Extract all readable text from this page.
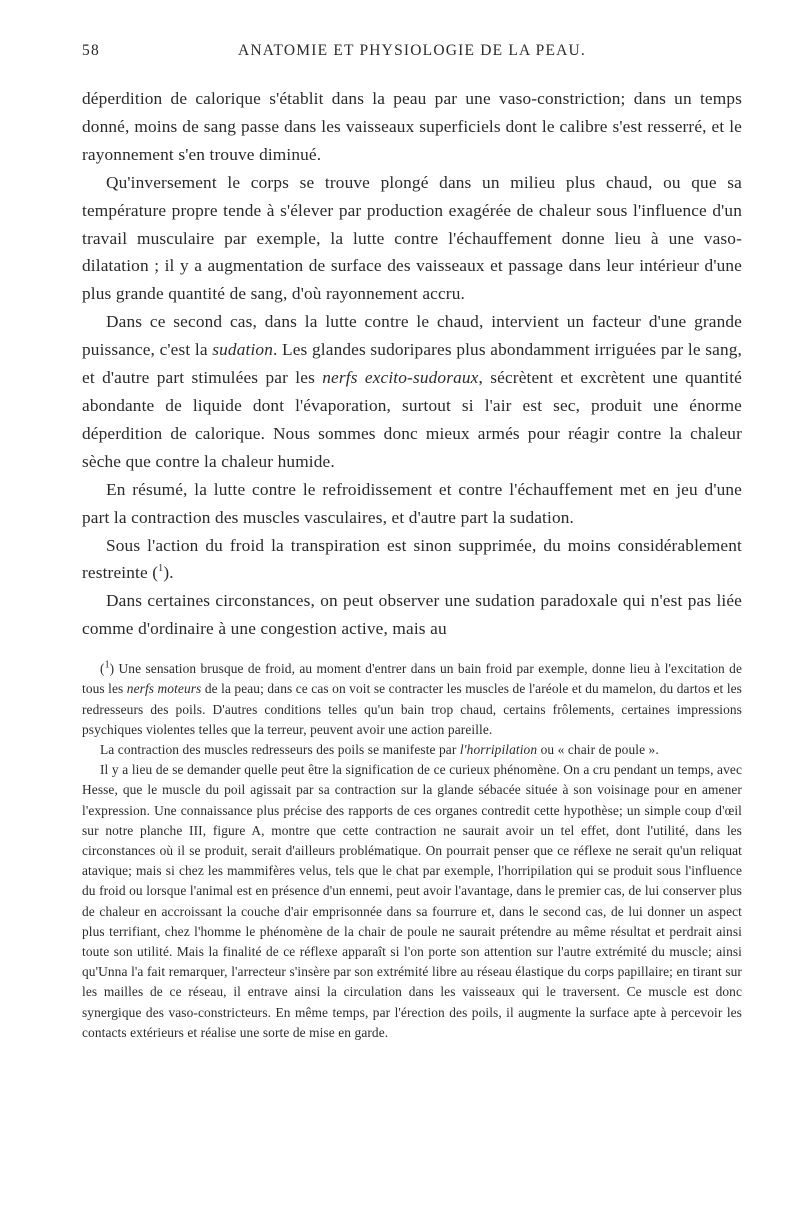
58	ANATOMIE ET PHYSIOLOGIE DE LA PEAU.

déperdition de calorique s'établit dans la peau par une vaso-constriction; dans un temps donné, moins de sang passe dans les vaisseaux superficiels dont le calibre s'est resserré, et le rayonnement s'en trouve diminué.

Qu'inversement le corps se trouve plongé dans un milieu plus chaud, ou que sa température propre tende à s'élever par production exagérée de chaleur sous l'influence d'un travail musculaire par exemple, la lutte contre l'échauffement donne lieu à une vaso-dilatation ; il y a augmentation de surface des vaisseaux et passage dans leur intérieur d'une plus grande quantité de sang, d'où rayonnement accru.

Dans ce second cas, dans la lutte contre le chaud, intervient un facteur d'une grande puissance, c'est la sudation. Les glandes sudoripares plus abondamment irriguées par le sang, et d'autre part stimulées par les nerfs excito-sudoraux, sécrètent et excrètent une quantité abondante de liquide dont l'évaporation, surtout si l'air est sec, produit une énorme déperdition de calorique. Nous sommes donc mieux armés pour réagir contre la chaleur sèche que contre la chaleur humide.

En résumé, la lutte contre le refroidissement et contre l'échauffement met en jeu d'une part la contraction des muscles vasculaires, et d'autre part la sudation.

Sous l'action du froid la transpiration est sinon supprimée, du moins considérablement restreinte ($^1$).

Dans certaines circonstances, on peut observer une sudation paradoxale qui n'est pas liée comme d'ordinaire à une congestion active, mais au

($^1$) Une sensation brusque de froid, au moment d'entrer dans un bain froid par exemple, donne lieu à l'excitation de tous les nerfs moteurs de la peau; dans ce cas on voit se contracter les muscles de l'aréole et du mamelon, du dartos et les redresseurs des poils. D'autres conditions telles qu'un bain trop chaud, certains frôlements, certaines impressions psychiques violentes telles que la terreur, peuvent avoir une action pareille.

La contraction des muscles redresseurs des poils se manifeste par l'horripilation ou « chair de poule ».

Il y a lieu de se demander quelle peut être la signification de ce curieux phénomène. On a cru pendant un temps, avec Hesse, que le muscle du poil agissait par sa contraction sur la glande sébacée située à son voisinage pour en amener l'expression. Une connaissance plus précise des rapports de ces organes contredit cette hypothèse; un simple coup d'œil sur notre planche III, figure A, montre que cette contraction ne saurait avoir un tel effet, dont l'utilité, dans les circonstances où il se produit, serait d'ailleurs problématique. On pourrait penser que ce réflexe ne serait qu'un reliquat atavique; mais si chez les mammifères velus, tels que le chat par exemple, l'horripilation qui se produit sous l'influence du froid ou lorsque l'animal est en présence d'un ennemi, peut avoir l'avantage, dans le premier cas, de lui conserver plus de chaleur en accroissant la couche d'air emprisonnée dans sa fourrure et, dans le second cas, de lui donner un aspect plus terrifiant, chez l'homme le phénomène de la chair de poule ne saurait prétendre au même résultat et perdrait ainsi toute son utilité. Mais la finalité de ce réflexe apparaît si l'on porte son attention sur l'autre extrémité du muscle; ainsi qu'Unna l'a fait remarquer, l'arrecteur s'insère par son extrémité libre au réseau élastique du corps papillaire; en tirant sur les mailles de ce réseau, il entrave ainsi la circulation dans les vaisseaux qui le traversent. Ce muscle est donc synergique des vaso-constricteurs. En même temps, par l'érection des poils, il augmente la surface apte à percevoir les contacts extérieurs et réalise une sorte de mise en garde.
